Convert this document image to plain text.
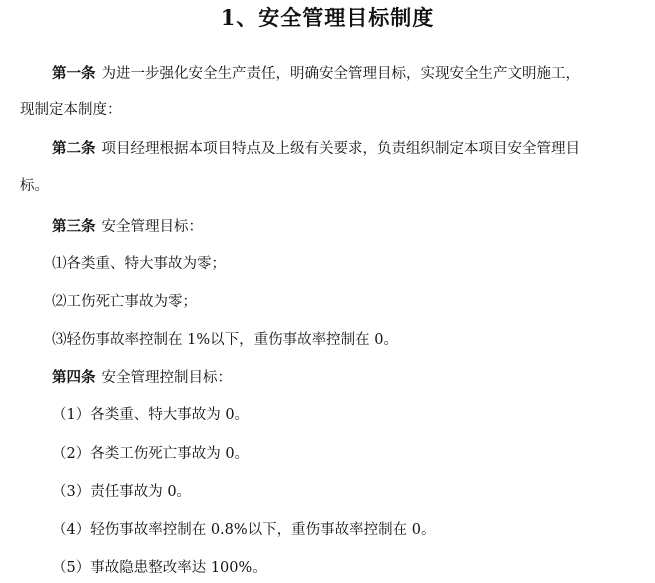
1、安全管理目标制度
第一条 为进一步强化安全生产责任，明确安全管理目标，实现安全生产文明施工，
现制定本制度：
第二条 项目经理根据本项目特点及上级有关要求，负责组织制定本项目安全管理目
标。
第三条 安全管理目标：
⑴各类重、特大事故为零；
⑵工伤死亡事故为零；
⑶轻伤事故率控制在 1%以下，重伤事故率控制在 0。
第四条 安全管理控制目标：
（1）各类重、特大事故为 0。
（2）各类工伤死亡事故为 0。
（3）责任事故为 0。
（4）轻伤事故率控制在 0.8%以下，重伤事故率控制在 0。
（5）事故隐患整改率达 100%。
